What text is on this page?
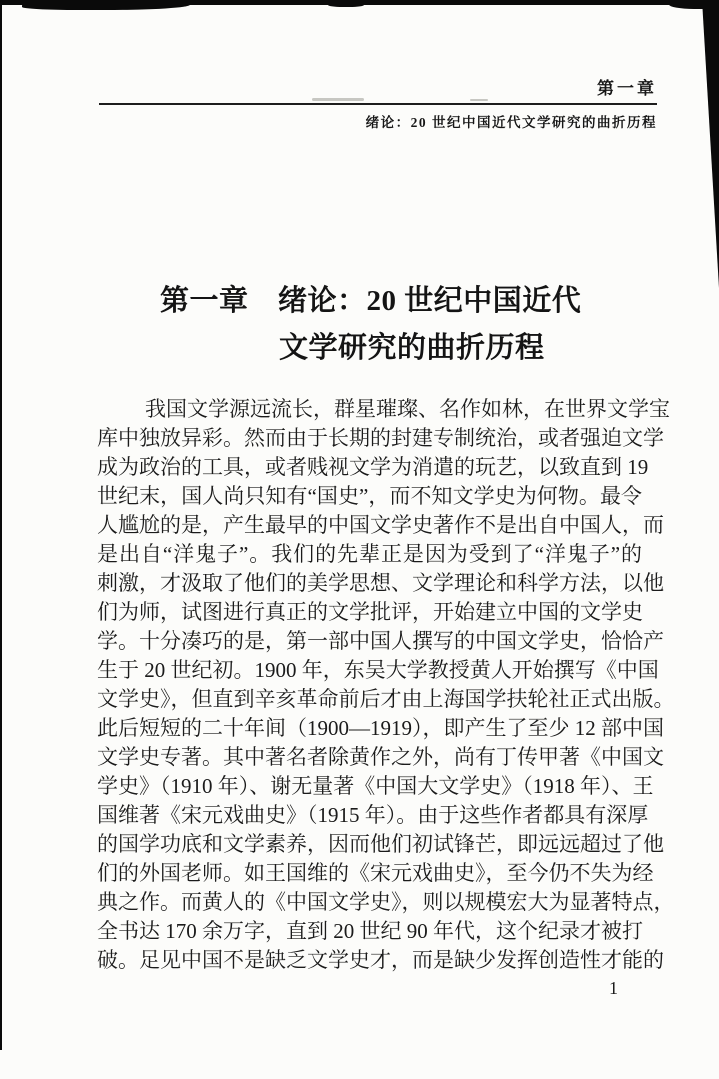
第一章
绪论：20 世纪中国近代文学研究的曲折历程
第一章　绪论：20 世纪中国近代
文学研究的曲折历程
我国文学源远流长，群星璀璨、名作如林，在世界文学宝
库中独放异彩。然而由于长期的封建专制统治，或者强迫文学
成为政治的工具，或者贱视文学为消遣的玩艺，以致直到 19
世纪末，国人尚只知有“国史”，而不知文学史为何物。最令
人尴尬的是，产生最早的中国文学史著作不是出自中国人，而
是出自“洋鬼子”。我们的先辈正是因为受到了“洋鬼子”的
刺激，才汲取了他们的美学思想、文学理论和科学方法，以他
们为师，试图进行真正的文学批评，开始建立中国的文学史
学。十分凑巧的是，第一部中国人撰写的中国文学史，恰恰产
生于 20 世纪初。1900 年，东吴大学教授黄人开始撰写《中国
文学史》，但直到辛亥革命前后才由上海国学扶轮社正式出版。
此后短短的二十年间（1900—1919），即产生了至少 12 部中国
文学史专著。其中著名者除黄作之外，尚有丁传甲著《中国文
学史》（1910 年）、谢无量著《中国大文学史》（1918 年）、王
国维著《宋元戏曲史》（1915 年）。由于这些作者都具有深厚
的国学功底和文学素养，因而他们初试锋芒，即远远超过了他
们的外国老师。如王国维的《宋元戏曲史》，至今仍不失为经
典之作。而黄人的《中国文学史》，则以规模宏大为显著特点，
全书达 170 余万字，直到 20 世纪 90 年代，这个纪录才被打
破。足见中国不是缺乏文学史才，而是缺少发挥创造性才能的
1
